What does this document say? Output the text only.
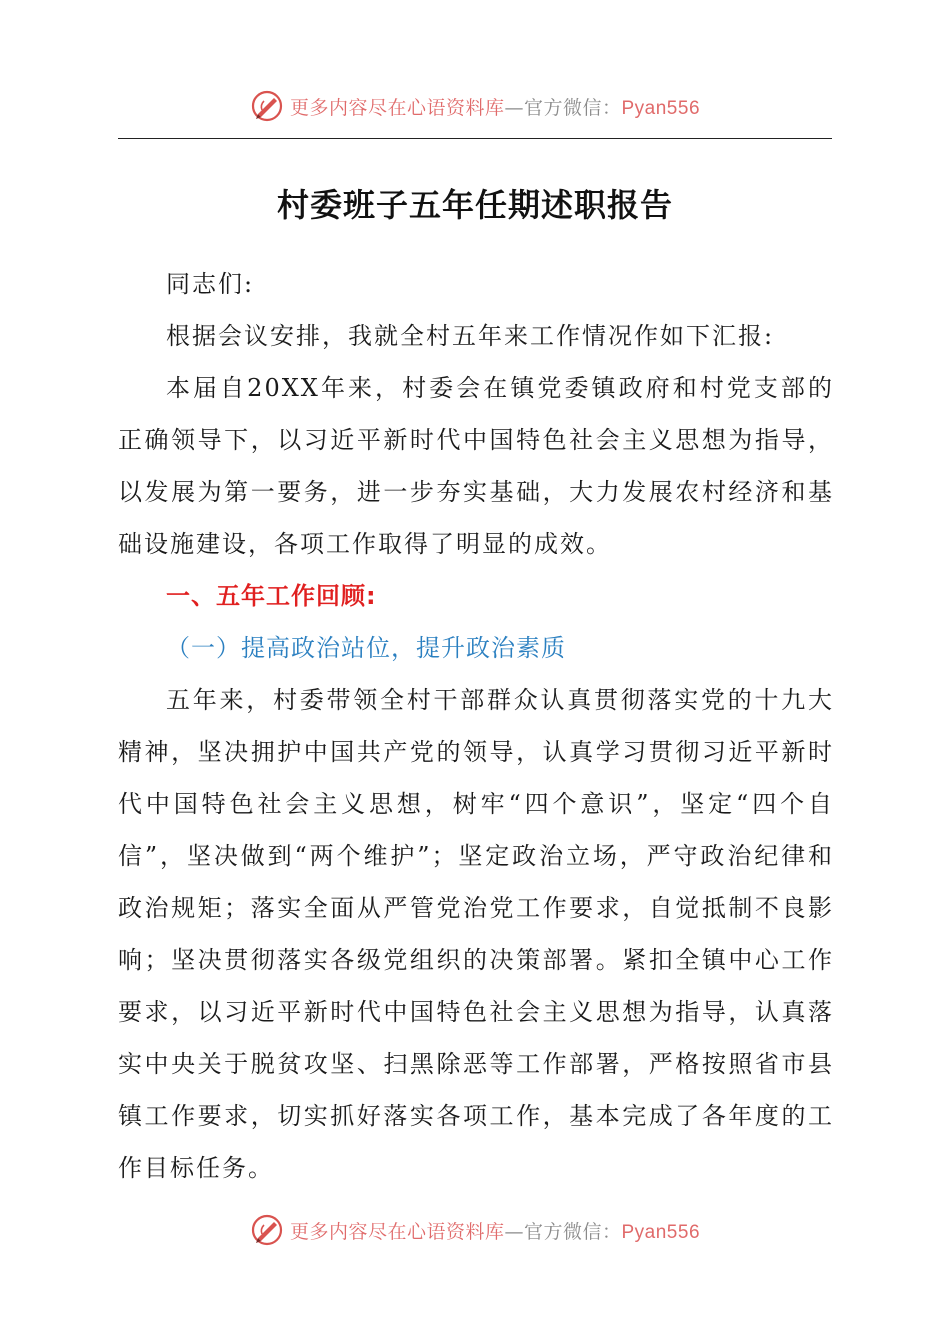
更多内容尽在心语资料库—官方微信：Pyan556
村委班子五年任期述职报告

同志们:

根据会议安排，我就全村五年来工作情况作如下汇报:

本届自20XX年来，村委会在镇党委镇政府和村党支部的正确领导下，以习近平新时代中国特色社会主义思想为指导，以发展为第一要务，进一步夯实基础，大力发展农村经济和基础设施建设，各项工作取得了明显的成效。

一、五年工作回顾:

（一）提高政治站位，提升政治素质

五年来，村委带领全村干部群众认真贯彻落实党的十九大精神，坚决拥护中国共产党的领导，认真学习贯彻习近平新时代中国特色社会主义思想，树牢“四个意识”，坚定“四个自信”，坚决做到“两个维护”；坚定政治立场，严守政治纪律和政治规矩；落实全面从严管党治党工作要求，自觉抵制不良影响；坚决贯彻落实各级党组织的决策部署。紧扣全镇中心工作要求，以习近平新时代中国特色社会主义思想为指导，认真落实中央关于脱贫攻坚、扫黑除恶等工作部署，严格按照省市县镇工作要求，切实抓好落实各项工作，基本完成了各年度的工作目标任务。

更多内容尽在心语资料库—官方微信：Pyan556
